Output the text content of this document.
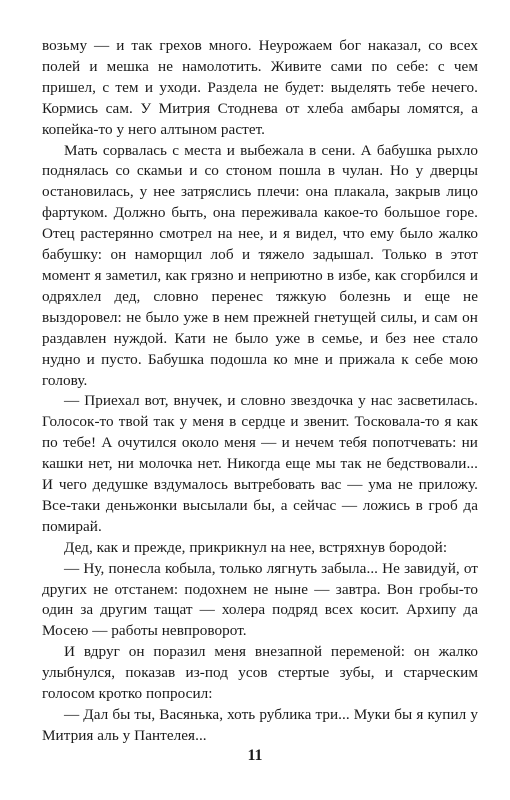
возьму — и так грехов много. Неурожаем бог наказал, со всех полей и мешка не намолотить. Живите сами по себе: с чем пришел, с тем и уходи. Раздела не будет: выделять тебе нечего. Кормись сам. У Митрия Стоднева от хлеба амбары ломятся, а копейка-то у него алтыном растет.

Мать сорвалась с места и выбежала в сени. А бабушка рыхло поднялась со скамьи и со стоном пошла в чулан. Но у дверцы остановилась, у нее затряслись плечи: она плакала, закрыв лицо фартуком. Должно быть, она переживала какое-то большое горе. Отец растерянно смотрел на нее, и я видел, что ему было жалко бабушку: он наморщил лоб и тяжело задышал. Только в этот момент я заметил, как грязно и неприютно в избе, как сгорбился и одряхлел дед, словно перенес тяжкую болезнь и еще не выздоровел: не было уже в нем прежней гнетущей силы, и сам он раздавлен нуждой. Кати не было уже в семье, и без нее стало нудно и пусто. Бабушка подошла ко мне и прижала к себе мою голову.

— Приехал вот, внучек, и словно звездочка у нас засветилась. Голосок-то твой так у меня в сердце и звенит. Тосковала-то я как по тебе! А очутился около меня — и нечем тебя попотчевать: ни кашки нет, ни молочка нет. Никогда еще мы так не бедствовали... И чего дедушке вздумалось вытребовать вас — ума не приложу. Все-таки деньжонки высылали бы, а сейчас — ложись в гроб да помирай.

Дед, как и прежде, прикрикнул на нее, встряхнув бородой:

— Ну, понесла кобыла, только лягнуть забыла... Не завидуй, от других не отстанем: подохнем не ныне — завтра. Вон гробы-то один за другим тащат — холера подряд всех косит. Архипу да Мосею — работы невпроворот.

И вдруг он поразил меня внезапной переменой: он жалко улыбнулся, показав из-под усов стертые зубы, и старческим голосом кротко попросил:

— Дал бы ты, Васянька, хоть рублика три... Муки бы я купил у Митрия аль у Пантелея...

11
